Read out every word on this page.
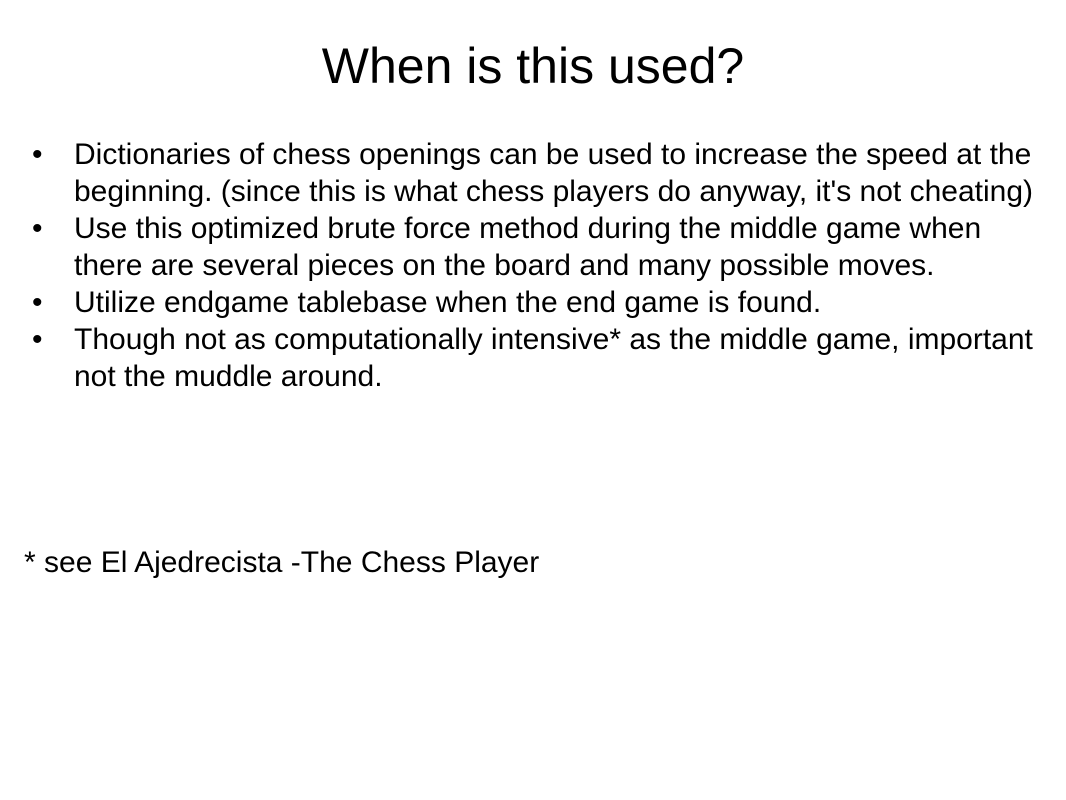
When is this used?
•	Dictionaries of chess openings can be used to increase the speed at the beginning. (since this is what chess players do anyway, it's not cheating)
•	Use this optimized brute force method during the middle game when there are several pieces on the board and many possible moves.
•	Utilize endgame tablebase when the end game is found.
•	Though not as computationally intensive* as the middle game, important not the muddle around.

* see El Ajedrecista -The Chess Player
